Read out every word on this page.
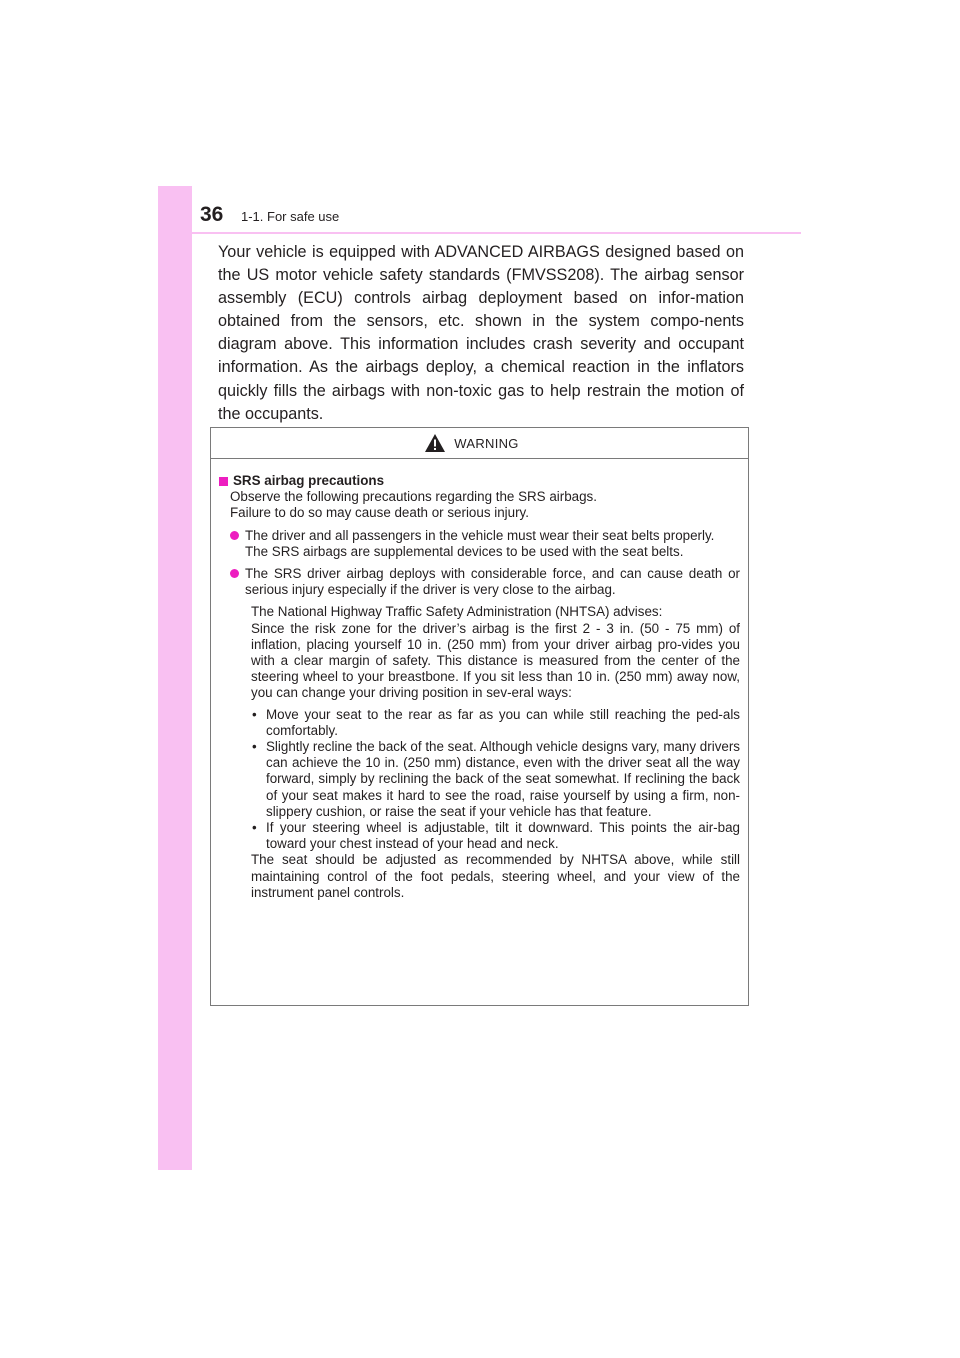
36 1-1. For safe use

Your vehicle is equipped with ADVANCED AIRBAGS designed based on the US motor vehicle safety standards (FMVSS208). The airbag sensor assembly (ECU) controls airbag deployment based on infor-mation obtained from the sensors, etc. shown in the system compo-nents diagram above. This information includes crash severity and occupant information. As the airbags deploy, a chemical reaction in the inflators quickly fills the airbags with non-toxic gas to help restrain the motion of the occupants.

WARNING
SRS airbag precautions
Observe the following precautions regarding the SRS airbags.
Failure to do so may cause death or serious injury.
The driver and all passengers in the vehicle must wear their seat belts properly.
The SRS airbags are supplemental devices to be used with the seat belts.
The SRS driver airbag deploys with considerable force, and can cause death or serious injury especially if the driver is very close to the airbag.
The National Highway Traffic Safety Administration (NHTSA) advises:
Since the risk zone for the driver’s airbag is the first 2 - 3 in. (50 - 75 mm) of inflation, placing yourself 10 in. (250 mm) from your driver airbag pro-vides you with a clear margin of safety. This distance is measured from the center of the steering wheel to your breastbone. If you sit less than 10 in. (250 mm) away now, you can change your driving position in sev-eral ways:
• Move your seat to the rear as far as you can while still reaching the ped-als comfortably.
• Slightly recline the back of the seat. Although vehicle designs vary, many drivers can achieve the 10 in. (250 mm) distance, even with the driver seat all the way forward, simply by reclining the back of the seat somewhat. If reclining the back of your seat makes it hard to see the road, raise yourself by using a firm, non-slippery cushion, or raise the seat if your vehicle has that feature.
• If your steering wheel is adjustable, tilt it downward. This points the air-bag toward your chest instead of your head and neck.
The seat should be adjusted as recommended by NHTSA above, while still maintaining control of the foot pedals, steering wheel, and your view of the instrument panel controls.
